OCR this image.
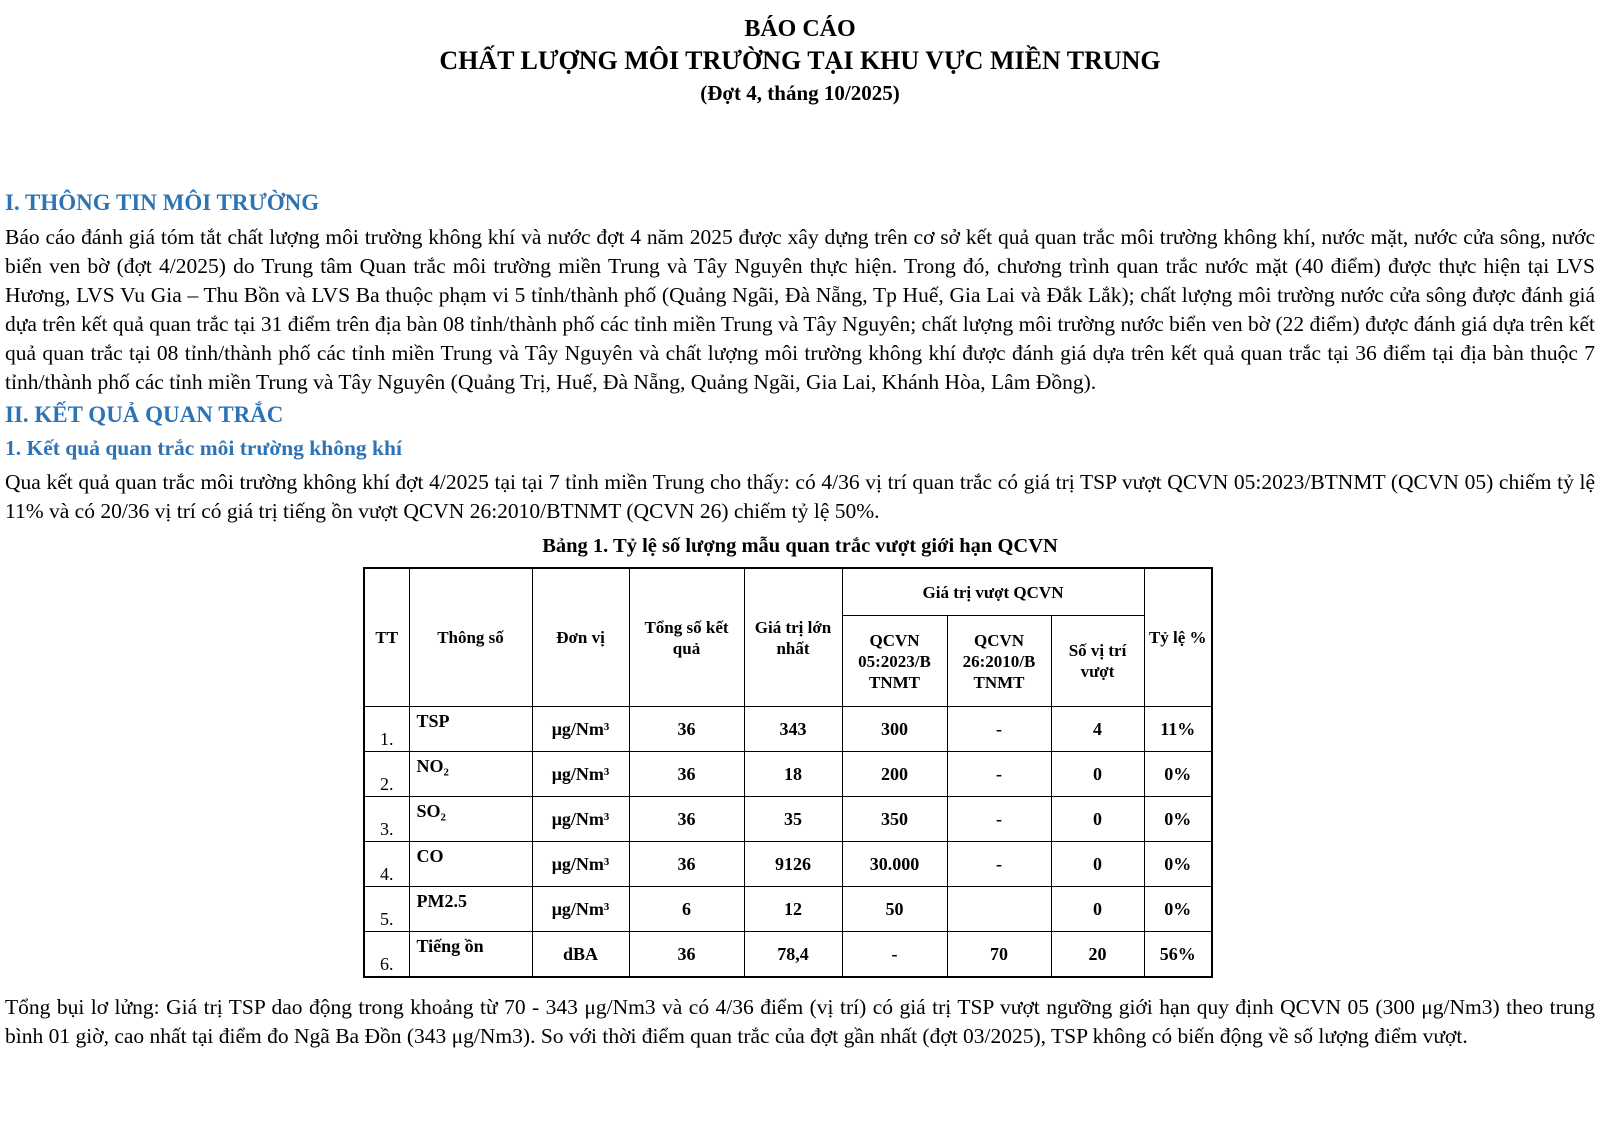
BÁO CÁO
CHẤT LƯỢNG MÔI TRƯỜNG TẠI KHU VỰC MIỀN TRUNG
(Đợt 4, tháng 10/2025)
I. THÔNG TIN MÔI TRƯỜNG

Báo cáo đánh giá tóm tắt chất lượng môi trường không khí và nước đợt 4 năm 2025 được xây dựng trên cơ sở kết quả quan trắc môi trường không khí, nước mặt, nước cửa sông, nước biển ven bờ (đợt 4/2025) do Trung tâm Quan trắc môi trường miền Trung và Tây Nguyên thực hiện. Trong đó, chương trình quan trắc nước mặt (40 điểm) được thực hiện tại LVS Hương, LVS Vu Gia – Thu Bồn và LVS Ba thuộc phạm vi 5 tỉnh/thành phố (Quảng Ngãi, Đà Nẵng, Tp Huế, Gia Lai và Đắk Lắk); chất lượng môi trường nước cửa sông được đánh giá dựa trên kết quả quan trắc tại 31 điểm trên địa bàn 08 tỉnh/thành phố các tỉnh miền Trung và Tây Nguyên; chất lượng môi trường nước biển ven bờ (22 điểm) được đánh giá dựa trên kết quả quan trắc tại 08 tỉnh/thành phố các tỉnh miền Trung và Tây Nguyên và chất lượng môi trường không khí được đánh giá dựa trên kết quả quan trắc tại 36 điểm tại địa bàn thuộc 7 tỉnh/thành phố các tỉnh miền Trung và Tây Nguyên (Quảng Trị, Huế, Đà Nẵng, Quảng Ngãi, Gia Lai, Khánh Hòa, Lâm Đồng).

II. KẾT QUẢ QUAN TRẮC
1. Kết quả quan trắc môi trường không khí

Qua kết quả quan trắc môi trường không khí đợt 4/2025 tại tại 7 tỉnh miền Trung cho thấy: có 4/36 vị trí quan trắc có giá trị TSP vượt QCVN 05:2023/BTNMT (QCVN 05) chiếm tỷ lệ 11% và có 20/36 vị trí có giá trị tiếng ồn vượt QCVN 26:2010/BTNMT (QCVN 26) chiếm tỷ lệ 50%.

Bảng 1. Tỷ lệ số lượng mẫu quan trắc vượt giới hạn QCVN
TT	Thông số	Đơn vị	Tổng số kết quả	Giá trị lớn nhất	Giá trị vượt QCVN			Tỷ lệ %
					QCVN 05:2023/B TNMT	QCVN 26:2010/B TNMT	Số vị trí vượt	
1.	TSP	μg/Nm³	36	343	300	-	4	11%
2.	NO₂	μg/Nm³	36	18	200	-	0	0%
3.	SO₂	μg/Nm³	36	35	350	-	0	0%
4.	CO	μg/Nm³	36	9126	30.000	-	0	0%
5.	PM2.5	μg/Nm³	6	12	50		0	0%
6.	Tiếng ồn	dBA	36	78,4	-	70	20	56%

Tổng bụi lơ lửng: Giá trị TSP dao động trong khoảng từ 70 - 343 μg/Nm3 và có 4/36 điểm (vị trí) có giá trị TSP vượt ngưỡng giới hạn quy định QCVN 05 (300 μg/Nm3) theo trung bình 01 giờ, cao nhất tại điểm đo Ngã Ba Đồn (343 μg/Nm3). So với thời điểm quan trắc của đợt gần nhất (đợt 03/2025), TSP không có biến động về số lượng điểm vượt.
